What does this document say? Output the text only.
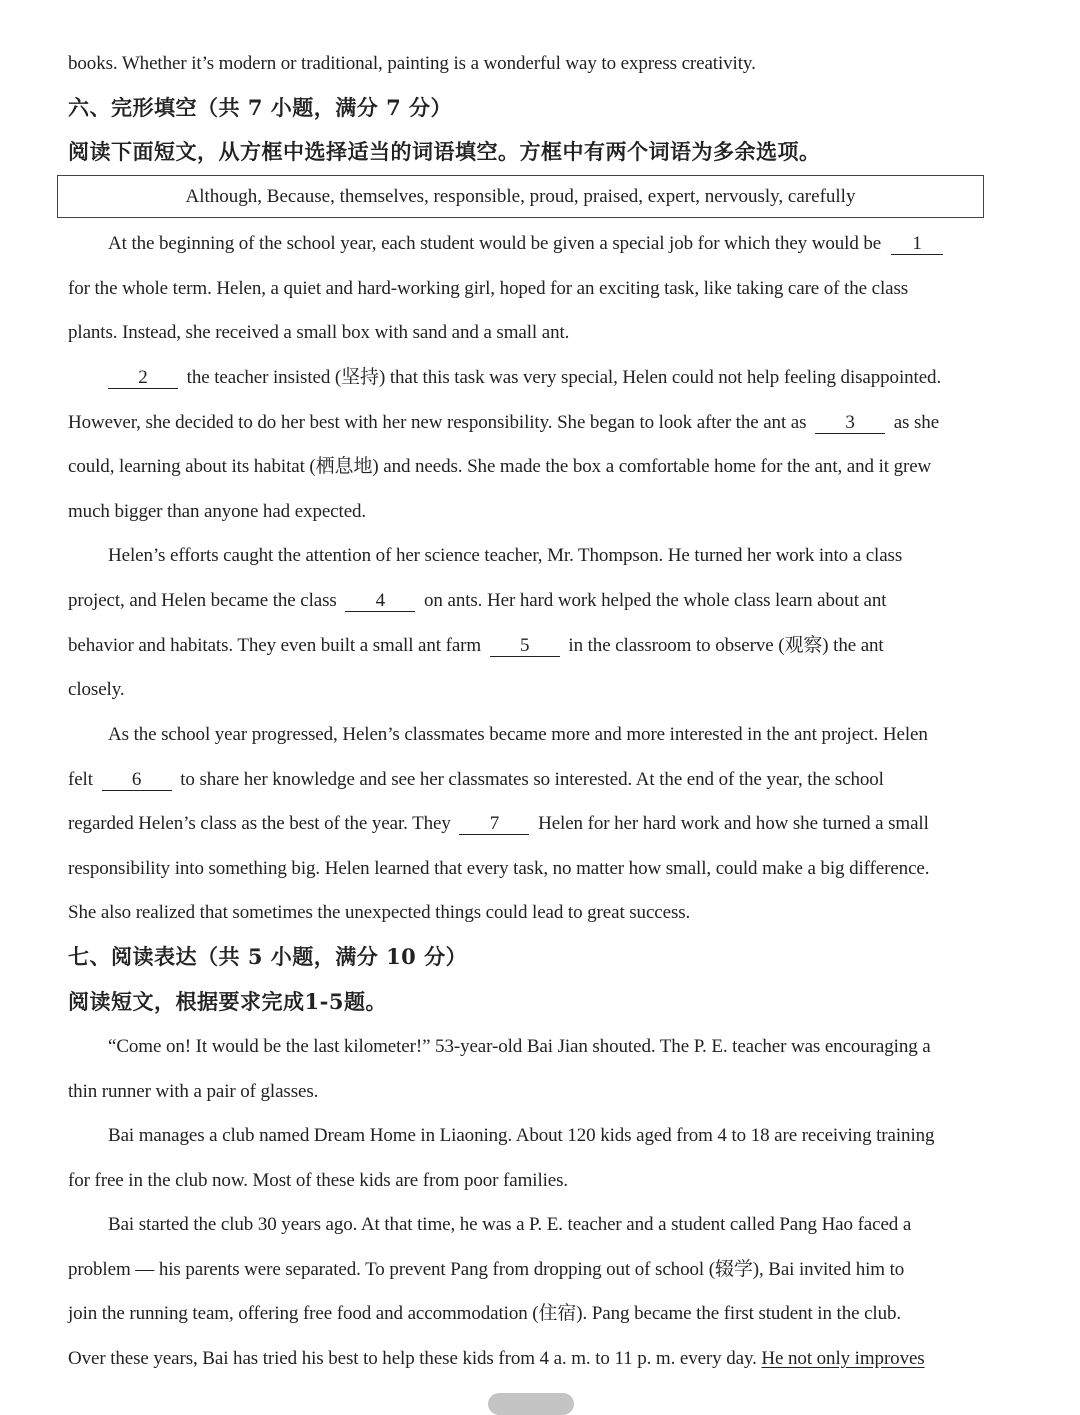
books. Whether it’s modern or traditional, painting is a wonderful way to express creativity.
六、完形填空（共 7 小题，满分 7 分）
阅读下面短文，从方框中选择适当的词语填空。方框中有两个词语为多余选项。
Although, Because, themselves, responsible, proud, praised, expert, nervously, carefully
At the beginning of the school year, each student would be given a special job for which they would be 1
for the whole term. Helen, a quiet and hard-working girl, hoped for an exciting task, like taking care of the class
plants. Instead, she received a small box with sand and a small ant.
2 the teacher insisted (坚持) that this task was very special, Helen could not help feeling disappointed.
However, she decided to do her best with her new responsibility. She began to look after the ant as 3 as she
could, learning about its habitat (栖息地) and needs. She made the box a comfortable home for the ant, and it grew
much bigger than anyone had expected.
Helen’s efforts caught the attention of her science teacher, Mr. Thompson. He turned her work into a class
project, and Helen became the class 4 on ants. Her hard work helped the whole class learn about ant
behavior and habitats. They even built a small ant farm 5 in the classroom to observe (观察) the ant
closely.
As the school year progressed, Helen’s classmates became more and more interested in the ant project. Helen
felt 6 to share her knowledge and see her classmates so interested. At the end of the year, the school
regarded Helen’s class as the best of the year. They 7 Helen for her hard work and how she turned a small
responsibility into something big. Helen learned that every task, no matter how small, could make a big difference.
She also realized that sometimes the unexpected things could lead to great success.
七、阅读表达（共 5 小题，满分 10 分）
阅读短文，根据要求完成1-5题。
“Come on! It would be the last kilometer!” 53-year-old Bai Jian shouted. The P. E. teacher was encouraging a
thin runner with a pair of glasses.
Bai manages a club named Dream Home in Liaoning. About 120 kids aged from 4 to 18 are receiving training
for free in the club now. Most of these kids are from poor families.
Bai started the club 30 years ago. At that time, he was a P. E. teacher and a student called Pang Hao faced a
problem — his parents were separated. To prevent Pang from dropping out of school (辍学), Bai invited him to
join the running team, offering free food and accommodation (住宿). Pang became the first student in the club.
Over these years, Bai has tried his best to help these kids from 4 a. m. to 11 p. m. every day. He not only improves
